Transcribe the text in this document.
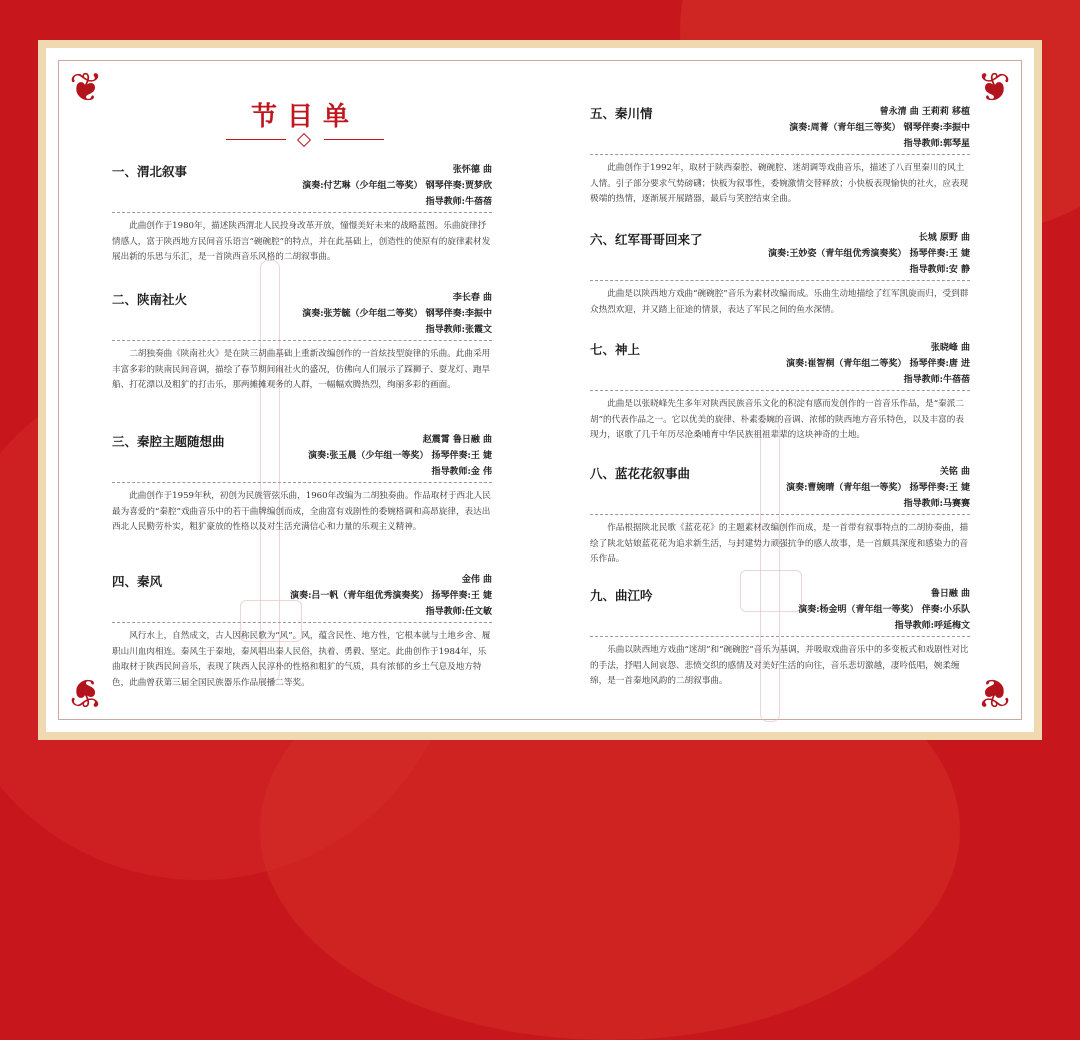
❦	❦
❦	❦
节目单
一、渭北叙事	张怀德 曲
演奏:付艺琳（少年组二等奖） 钢琴伴奏:贾梦欣
指导教师:牛蓓蓓
此曲创作于1980年，描述陕西渭北人民投身改革开放，憧憬美好未来的战略蓝图。乐曲旋律抒情感人，富于陕西地方民间音乐语言“碗碗腔”的特点，并在此基础上，创造性的使原有的旋律素材发展出新的乐思与乐汇，是一首陕西音乐风格的二胡叙事曲。
二、陕南社火	李长春 曲
演奏:张芳毓（少年组二等奖） 钢琴伴奏:李振中
指导教师:张霞文
二胡独奏曲《陕南社火》是在陕三胡曲基础上重新改编创作的一首炫技型旋律的乐曲。此曲采用丰富多彩的陕南民间音调，描绘了春节期间闹社火的盛况，仿佛向人们展示了踩狮子、耍龙灯、跑旱船、打花漂以及粗犷的打击乐，那两摊摊观务的人群，一幅幅欢腾热烈，绚丽多彩的画面。
三、秦腔主题随想曲	赵震霄 鲁日融 曲
演奏:张玉晨（少年组一等奖） 扬琴伴奏:王 婕
指导教师:金 伟
此曲创作于1959年秋，初创为民族管弦乐曲，1960年改编为二胡独奏曲。作品取材于西北人民最为喜爱的“秦腔”戏曲音乐中的若干曲牌编创而成，全曲富有戏剧性的委婉格调和高昂旋律，表达出西北人民勤劳朴实，粗犷豪放的性格以及对生活充满信心和力量的乐观主义精神。
四、秦风	金伟 曲
演奏:吕一帆（青年组优秀演奏奖） 扬琴伴奏:王 婕
指导教师:任文敏
风行水上，自然成文，古人因称民歌为“风”。风，蕴含民性、地方性，它根本就与土地乡舍、履职山川血肉相连。秦风生于秦地，秦风唱出秦人民俗，执着、勇毅、坚定。此曲创作于1984年，乐曲取材于陕西民间音乐，表现了陕西人民淳朴的性格和粗犷的气质，具有浓郁的乡土气息及地方特色，此曲曾获第三届全国民族器乐作品展播二等奖。
五、秦川情	曾永清 曲 王莉莉 移植
演奏:周菁（青年组三等奖） 钢琴伴奏:李振中
指导教师:郭琴星
此曲创作于1992年，取材于陕西秦腔、碗碗腔、迷胡调等戏曲音乐，描述了八百里秦川的风土人情。引子部分要求气势磅礴；快板为叙事性，委婉激情交替释放；小快板表现愉快的社火，应表现极端的热情，逐渐展开展踏器，最后与笑腔结束全曲。
六、红军哥哥回来了	长城 原野 曲
演奏:王妙姿（青年组优秀演奏奖） 扬琴伴奏:王 婕
指导教师:安 静
此曲是以陕西地方戏曲“碗碗腔”音乐为素材改编而成。乐曲生动地描绘了红军凯旋而归，受到群众热烈欢迎，并又踏上征途的情景，表达了军民之间的鱼水深情。
七、神上	张晓峰 曲
演奏:崔智桐（青年组二等奖） 扬琴伴奏:唐 进
指导教师:牛蓓蓓
此曲是以张晓峰先生多年对陕西民族音乐文化的积淀有感而发创作的一首音乐作品，是“秦派二胡”的代表作品之一。它以优美的旋律、朴素委婉的音调、浓郁的陕西地方音乐特色，以及丰富的表现力，讴歌了几千年历尽沧桑哺育中华民族祖祖辈辈的这块神奇的土地。
八、蓝花花叙事曲	关铭 曲
演奏:曹婉晴（青年组一等奖） 扬琴伴奏:王 婕
指导教师:马赛赛
作品根据陕北民歌《蓝花花》的主题素材改编创作而成，是一首带有叙事特点的二胡协奏曲，描绘了陕北姑娘蓝花花为追求新生活，与封建势力顽强抗争的感人故事，是一首颇具深度和感染力的音乐作品。
九、曲江吟	鲁日融 曲
演奏:杨金明（青年组一等奖） 伴奏:小乐队
指导教师:呼延梅文
乐曲以陕西地方戏曲“迷胡”和“碗碗腔”音乐为基调，并吸取戏曲音乐中的多变板式和戏剧性对比的手法，抒唱人间哀怨、悲愤交织的感情及对美好生活的向往，音乐悲切激越，凄吟低唱，婉柔缠绵，是一首秦地风韵的二胡叙事曲。
